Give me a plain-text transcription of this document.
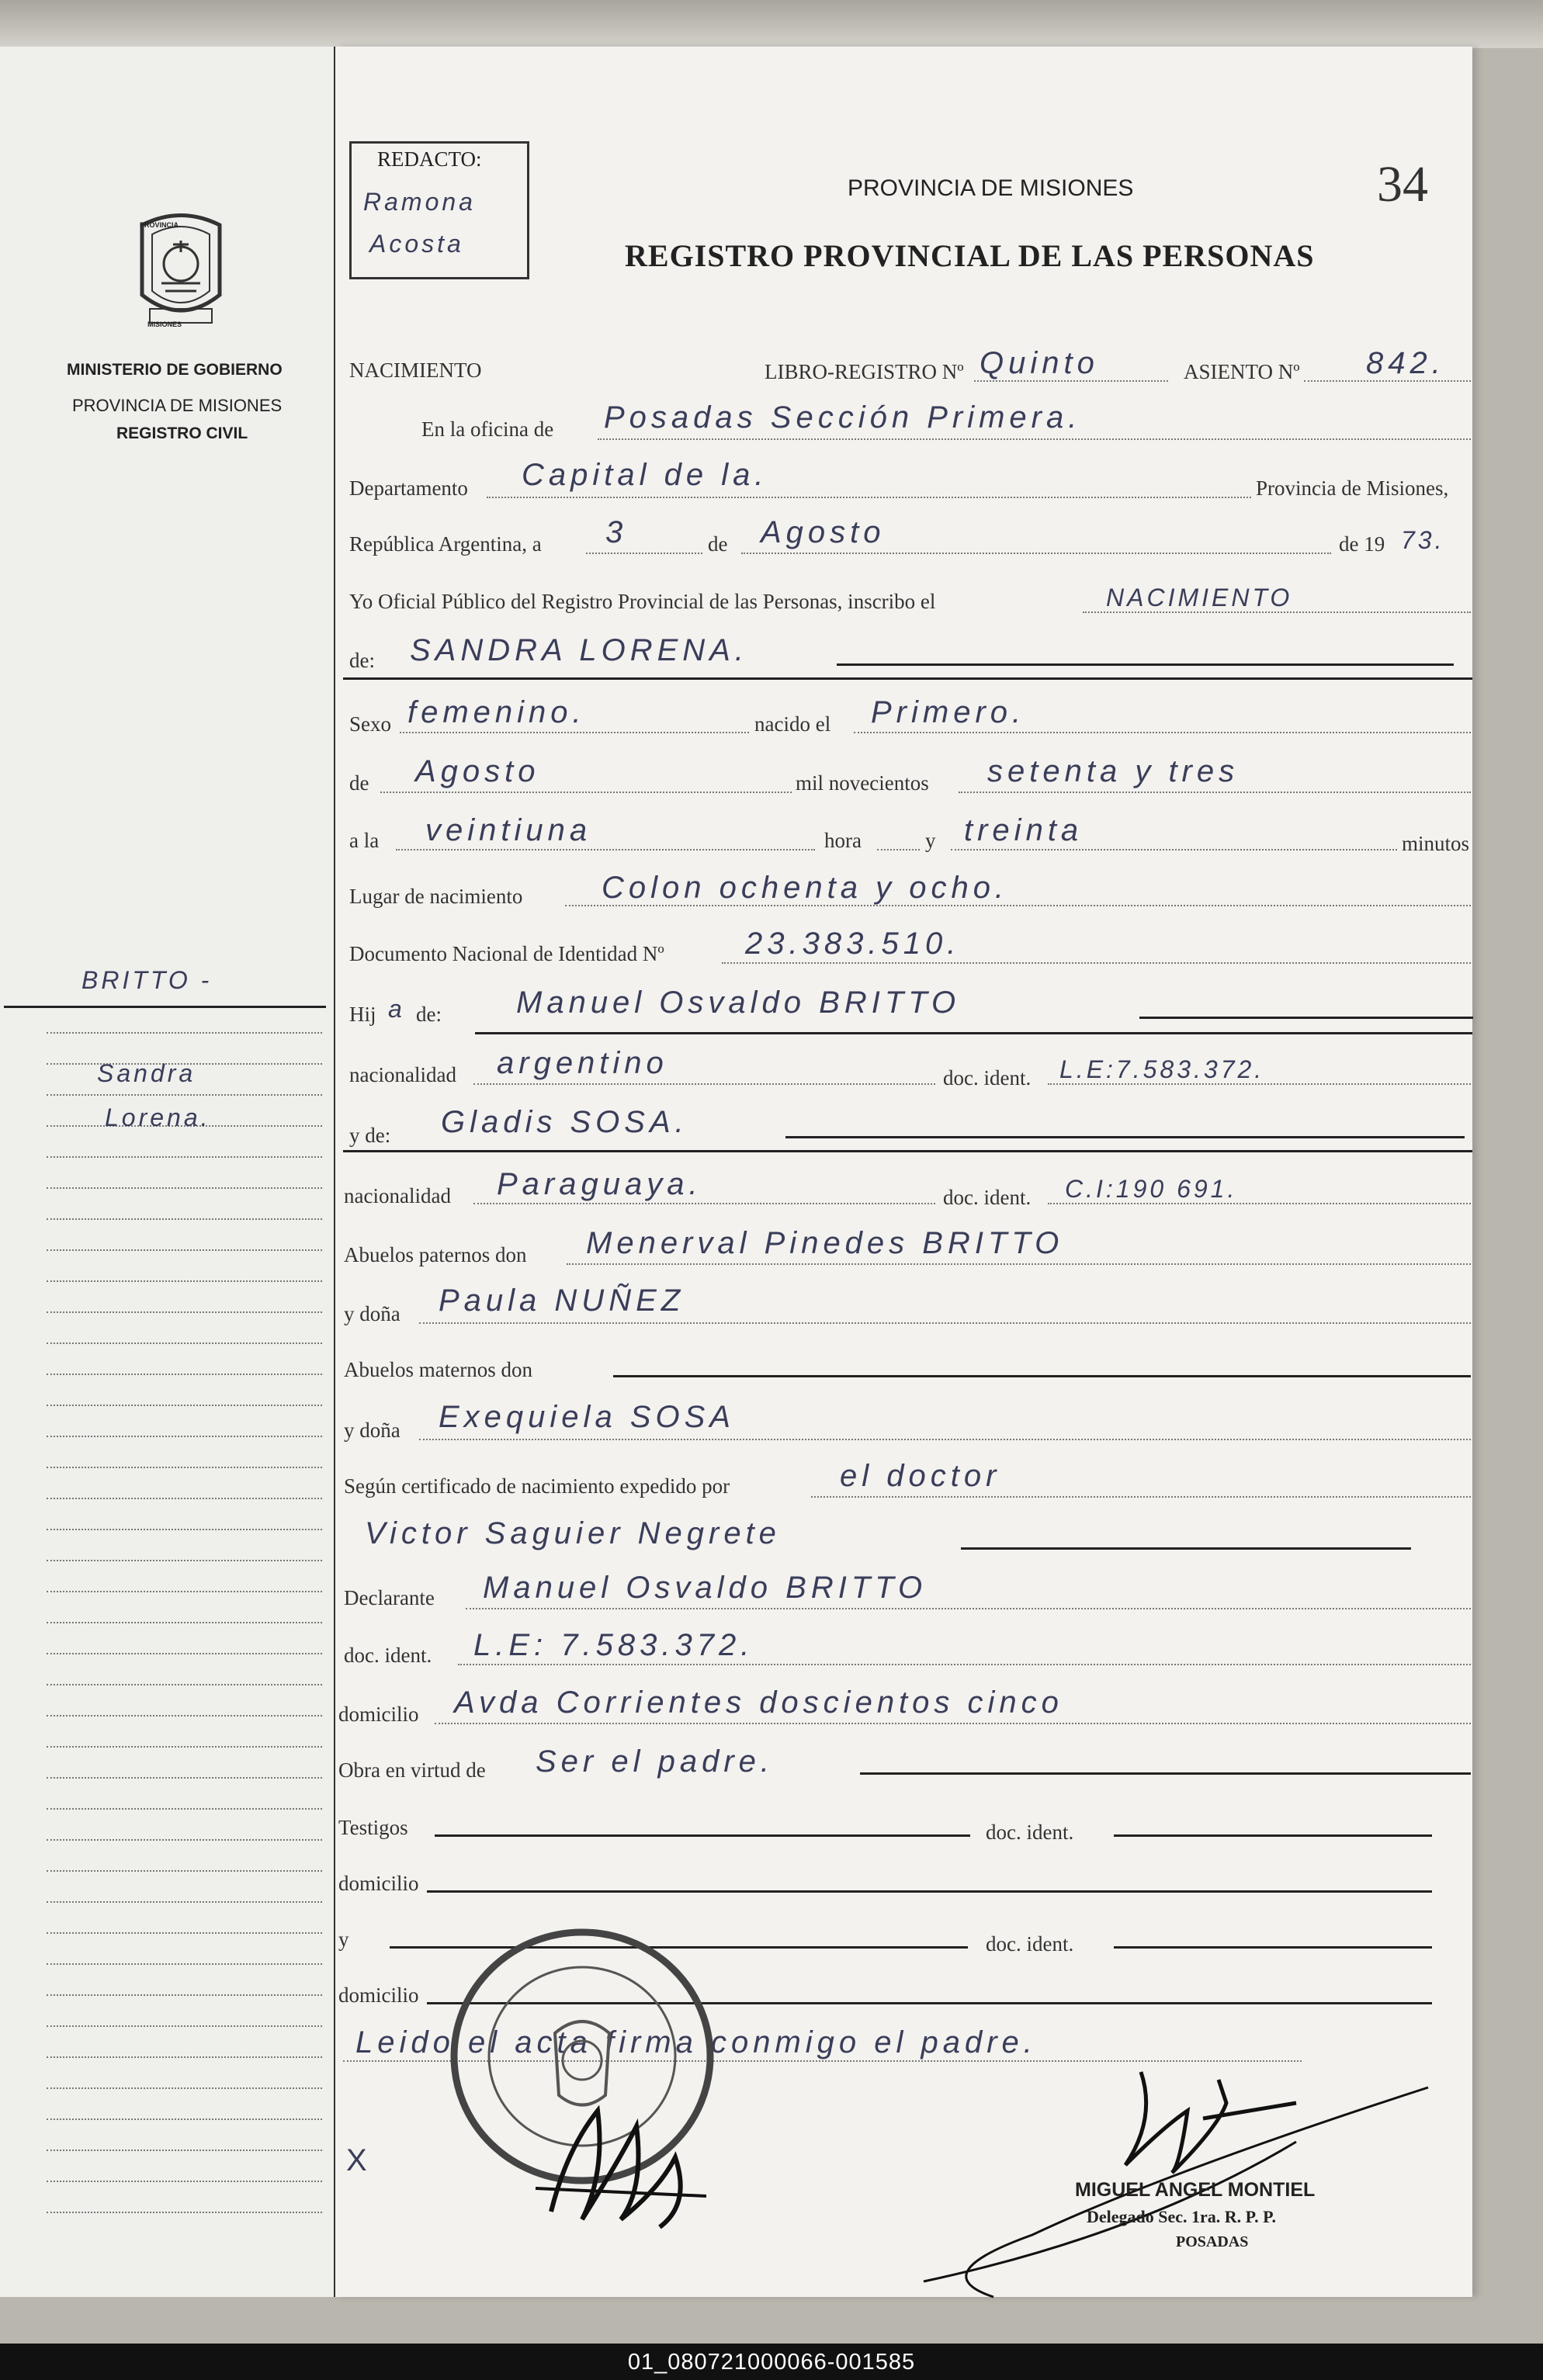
PROVINCIA
MISIONES
MINISTERIO DE GOBIERNO
PROVINCIA DE MISIONES
REGISTRO CIVIL
BRITTO -
Sandra
Lorena.
REDACTO:
Ramona
Acosta
34
PROVINCIA DE MISIONES
REGISTRO PROVINCIAL DE LAS PERSONAS
NACIMIENTO	LIBRO-REGISTRO Nº Quinto	ASIENTO Nº 842.
En la oficina de Posadas Sección Primera.
Departamento Capital de la.	Provincia de Misiones,
República Argentina, a 3	de Agosto	de 19 73.
Yo Oficial Público del Registro Provincial de las Personas, inscribo el	NACIMIENTO
de: SANDRA LORENA.
Sexo femenino.	nacido el Primero.
de Agosto	mil novecientos setenta y tres
a la veintiuna	hora	y treinta	minutos
Lugar de nacimiento	Colon ochenta y ocho.
Documento Nacional de Identidad Nº	23.383.510.
Hij a de: Manuel Osvaldo BRITTO
nacionalidad argentino	doc. ident. L.E:7.583.372.
y de: Gladis SOSA.
nacionalidad Paraguaya.	doc. ident. C.I:190 691.
Abuelos paternos don Menerval Pinedes BRITTO
y doña Paula NUÑEZ
Abuelos maternos don
y doña Exequiela SOSA
Según certificado de nacimiento expedido por	el doctor
Victor Saguier Negrete
Declarante Manuel Osvaldo BRITTO
doc. ident. L.E: 7.583.372.
domicilio Avda Corrientes doscientos cinco
Obra en virtud de Ser el padre.
Testigos	doc. ident.
domicilio
y	doc. ident.
domicilio
Leido el acta firma conmigo el padre.
X
MIGUEL ANGEL MONTIEL
Delegado Sec. 1ra. R. P. P.
POSADAS
01_080721000066-001585
